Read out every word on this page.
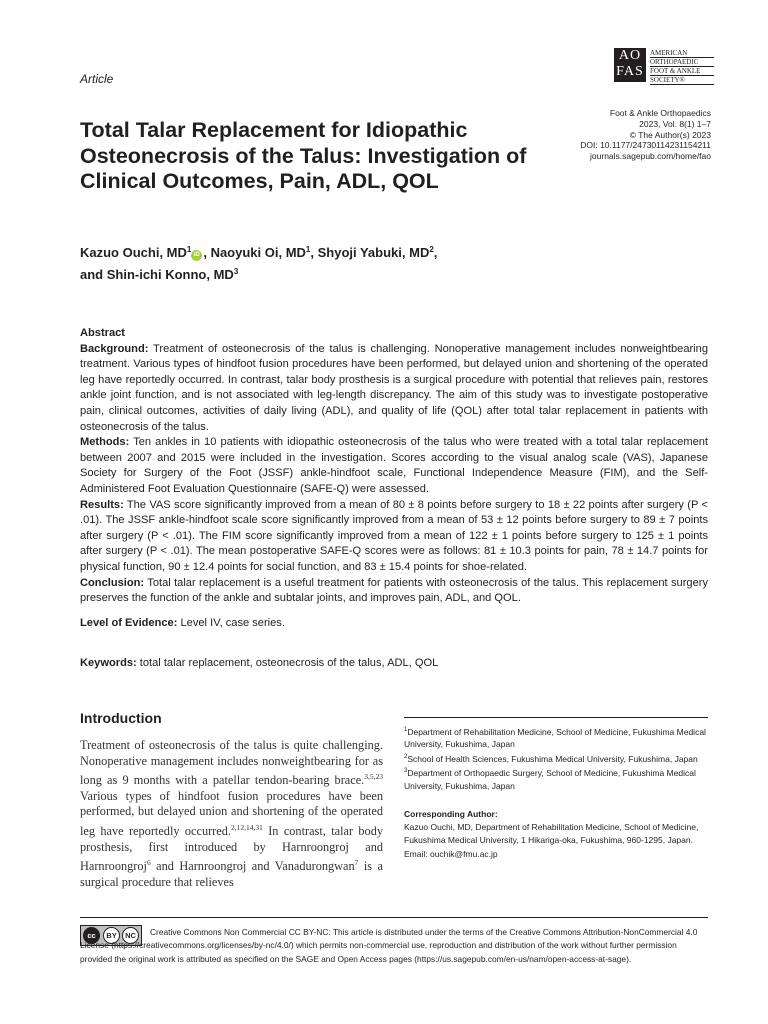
Article
AO
FAS
AMERICAN
ORTHOPAEDIC
FOOT & ANKLE
SOCIETY®
Foot & Ankle Orthopaedics
2023, Vol. 8(1) 1–7
© The Author(s) 2023
DOI: 10.1177/24730114231154211
journals.sagepub.com/home/fao
Total Talar Replacement for Idiopathic Osteonecrosis of the Talus: Investigation of Clinical Outcomes, Pain, ADL, QOL
Kazuo Ouchi, $MD^1iD$ , Naoyuki Oi, $MD^1$, Shyoji Yabuki, $MD^2$,
and Shin-ichi Konno, $MD^3$

Abstract

Background: Treatment of osteonecrosis of the talus is challenging. Nonoperative management includes nonweightbearing treatment. Various types of hindfoot fusion procedures have been performed, but delayed union and shortening of the operated leg have reportedly occurred. In contrast, talar body prosthesis is a surgical procedure with potential that relieves pain, restores ankle joint function, and is not associated with leg-length discrepancy. The aim of this study was to investigate postoperative pain, clinical outcomes, activities of daily living (ADL), and quality of life (QOL) after total talar replacement in patients with osteonecrosis of the talus.

Methods: Ten ankles in 10 patients with idiopathic osteonecrosis of the talus who were treated with a total talar replacement between 2007 and 2015 were included in the investigation. Scores according to the visual analog scale (VAS), Japanese Society for Surgery of the Foot (JSSF) ankle-hindfoot scale, Functional Independence Measure (FIM), and the Self-Administered Foot Evaluation Questionnaire (SAFE-Q) were assessed.

Results: The VAS score significantly improved from a mean of 80 ± 8 points before surgery to 18 ± 22 points after surgery (P < .01). The JSSF ankle-hindfoot scale score significantly improved from a mean of 53 ± 12 points before surgery to 89 ± 7 points after surgery (P < .01). The FIM score significantly improved from a mean of 122 ± 1 points before surgery to 125 ± 1 points after surgery (P < .01). The mean postoperative SAFE-Q scores were as follows: 81 ± 10.3 points for pain, 78 ± 14.7 points for physical function, 90 ± 12.4 points for social function, and 83 ± 15.4 points for shoe-related.

Conclusion: Total talar replacement is a useful treatment for patients with osteonecrosis of the talus. This replacement surgery preserves the function of the ankle and subtalar joints, and improves pain, ADL, and QOL.

Level of Evidence: Level IV, case series.
Keywords: total talar replacement, osteonecrosis of the talus, ADL, QOL
Introduction
Treatment of osteonecrosis of the talus is quite challenging. Nonoperative management includes nonweightbearing for as long as 9 months with a patellar tendon-bearing brace.$^{3,5,23}$ Various types of hindfoot fusion procedures have been performed, but delayed union and shortening of the operated leg have reportedly occurred.$^{2,12,14,31}$ In contrast, talar body prosthesis, first introduced by Harnroongroj and Harnroongroj$^6$ and Harnroongroj and Vanadurongwan$^7$ is a surgical procedure that relieves

$^1$Department of Rehabilitation Medicine, School of Medicine, Fukushima Medical University, Fukushima, Japan

$^2$School of Health Sciences, Fukushima Medical University, Fukushima, Japan

$^3$Department of Orthopaedic Surgery, School of Medicine, Fukushima Medical University, Fukushima, Japan

Corresponding Author:
Kazuo Ouchi, MD, Department of Rehabilitation Medicine, School of Medicine, Fukushima Medical University, 1 Hikariga-oka, Fukushima, 960-1295, Japan.
Email: ouchik@fmu.ac.jp
cc	BY	NC	Creative Commons Non Commercial CC BY-NC: This article is distributed under the terms of the Creative Commons Attribution-NonCommercial 4.0 License (https://creativecommons.org/licenses/by-nc/4.0/) which permits non-commercial use, reproduction and distribution of the work without further permission provided the original work is attributed as specified on the SAGE and Open Access pages (https://us.sagepub.com/en-us/nam/open-access-at-sage).
